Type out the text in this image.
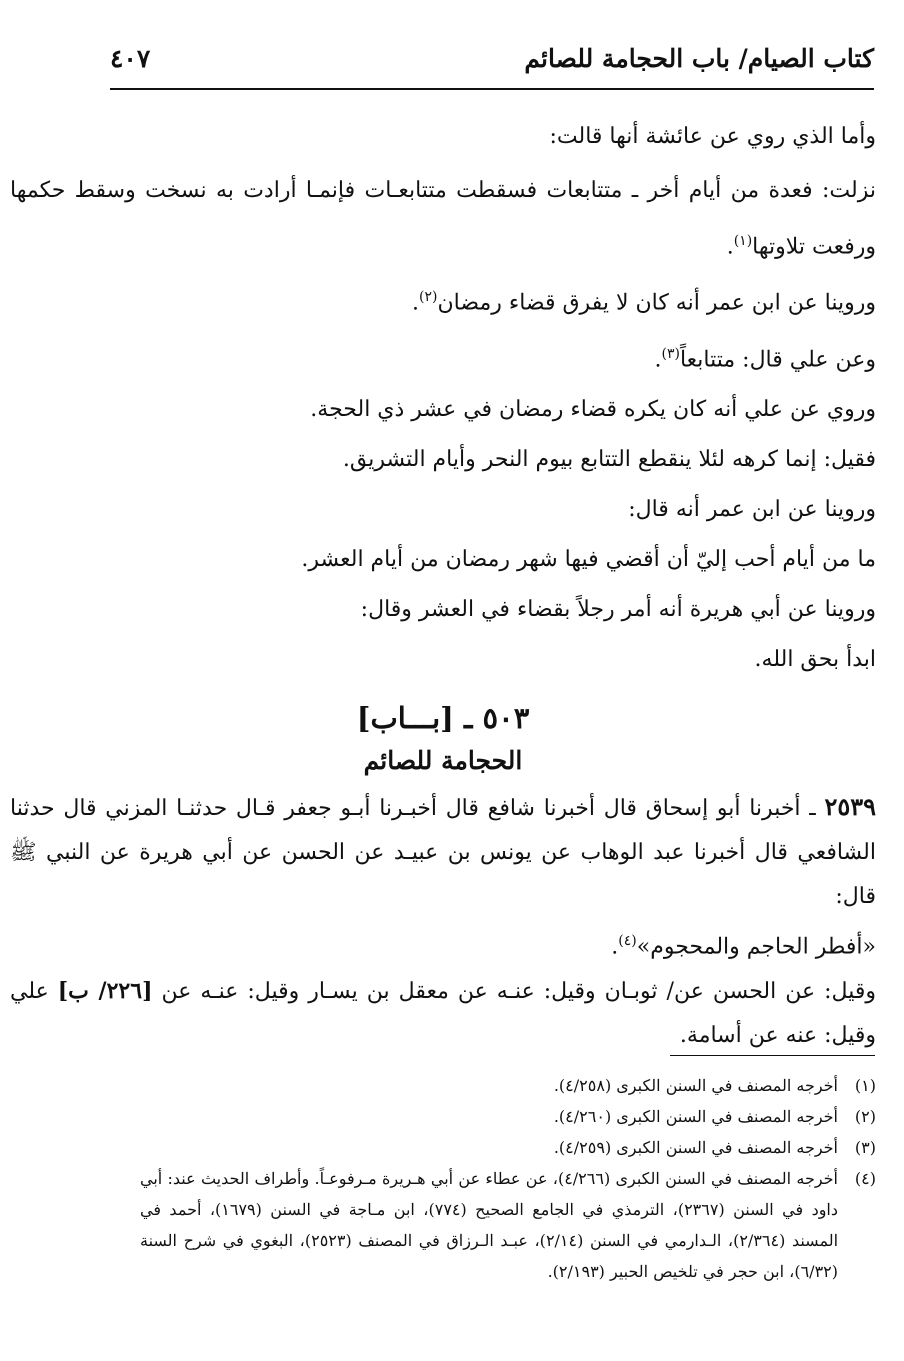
كتاب الصيام/ باب الحجامة للصائم
٤٠٧

وأما الذي روي عن عائشة أنها قالت:

نزلت: فعدة من أيام أخر ـ متتابعات فسقطت متتابعـات فإنمـا أرادت به نسخت وسقط حكمها ورفعت تلاوتها$^{(١)}$.

وروينا عن ابن عمر أنه كان لا يفرق قضاء رمضان$^{(٢)}$.

وعن علي قال: متتابعاً$^{(٣)}$.

وروي عن علي أنه كان يكره قضاء رمضان في عشر ذي الحجة.

فقيل: إنما كرهه لئلا ينقطع التتابع بيوم النحر وأيام التشريق.

وروينا عن ابن عمر أنه قال:

ما من أيام أحب إليّ أن أقضي فيها شهر رمضان من أيام العشر.

وروينا عن أبي هريرة أنه أمر رجلاً بقضاء في العشر وقال:

ابدأ بحق الله.

٥٠٣ ـ [بـــاب]
الحجامة للصائم

٢٥٣٩ ـ أخبرنا أبو إسحاق قال أخبرنا شافع قال أخبـرنا أبـو جعفر قـال حدثنـا المزني قال حدثنا الشافعي قال أخبرنا عبد الوهاب عن يونس بن عبيـد عن الحسن عن أبي هريرة عن النبي ﷺ قال:

«أفطر الحاجم والمحجوم»$^{(٤)}$.

وقيل: عن الحسن عن/ ثوبـان وقيل: عنـه عن معقل بن يسـار وقيل: عنـه عن [٢٢٦/ ب] علي وقيل: عنه عن أسامة.

(١)
أخرجه المصنف في السنن الكبرى (٤/٢٥٨).
(٢)
أخرجه المصنف في السنن الكبرى (٤/٢٦٠).
(٣)
أخرجه المصنف في السنن الكبرى (٤/٢٥٩).
(٤)
أخرجه المصنف في السنن الكبرى (٤/٢٦٦)، عن عطاء عن أبي هـريرة مـرفوعـاً. وأطراف الحديث عند: أبي داود في السنن (٢٣٦٧)، الترمذي في الجامع الصحيح (٧٧٤)، ابن مـاجة في السنن (١٦٧٩)، أحمد في المسند (٢/٣٦٤)، الـدارمي في السنن (٢/١٤)، عبـد الـرزاق في المصنف (٢٥٢٣)، البغوي في شرح السنة (٦/٣٢)، ابن حجر في تلخيص الحبير (٢/١٩٣).
